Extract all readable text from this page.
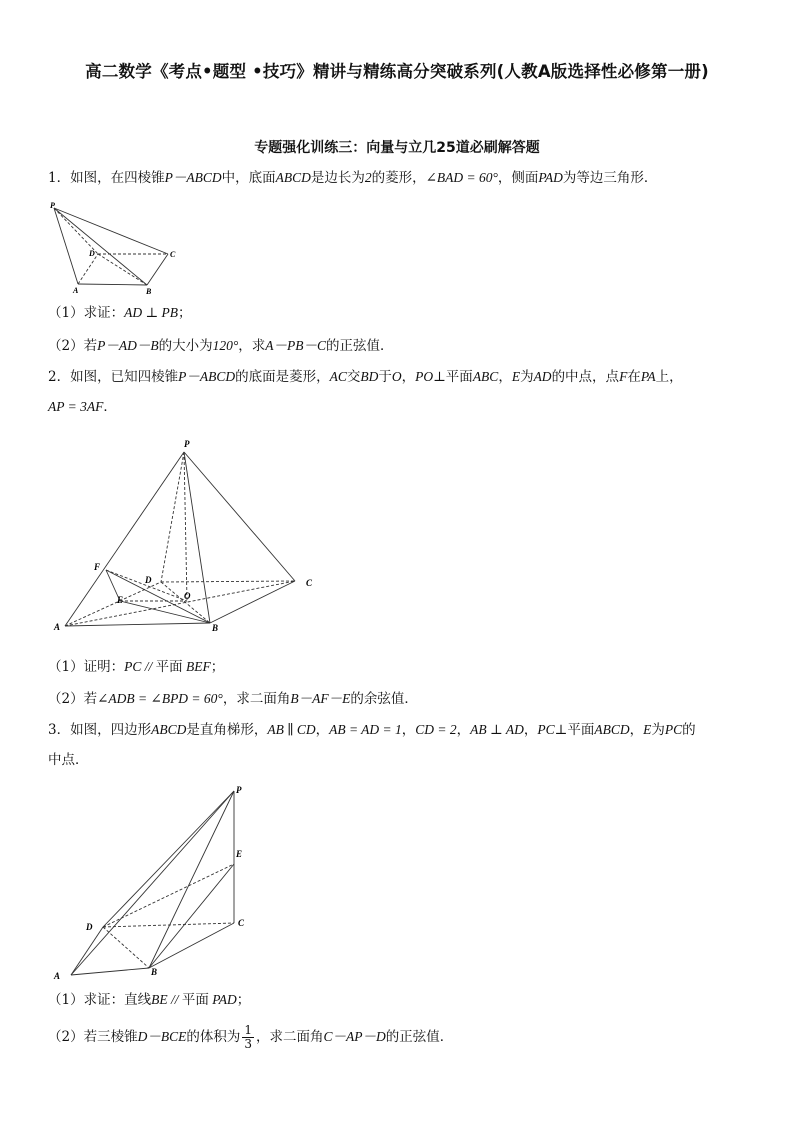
高二数学《考点•题型 •技巧》精讲与精练高分突破系列(人教A版选择性必修第一册)
专题强化训练三：向量与立几25道必刷解答题
1．如图，在四棱锥P－ABCD中，底面ABCD是边长为2的菱形，∠BAD = 60°，侧面PAD为等边三角形．
P
D	C
A	B
（1）求证：AD ⊥ PB；
（2）若P－AD－B的大小为120°，求A－PB－C的正弦值．
2．如图，已知四棱锥P－ABCD的底面是菱形，AC交BD于O，PO⊥平面ABC，E为AD的中点，点F在PA上，
AP = 3AF．
P
F
D	C
E	O
A	B
（1）证明：PC // 平面 BEF；
（2）若∠ADB = ∠BPD = 60°，求二面角B－AF－E的余弦值．
3．如图，四边形ABCD是直角梯形，AB ∥ CD，AB = AD = 1，CD = 2，AB ⊥ AD，PC⊥平面ABCD，E为PC的
中点．
P
E
D	C
A	B
（1）求证：直线BE // 平面 PAD；
（2）若三棱锥D－BCE的体积为 $\frac{1}{3}$ ，求二面角C－AP－D的正弦值．
